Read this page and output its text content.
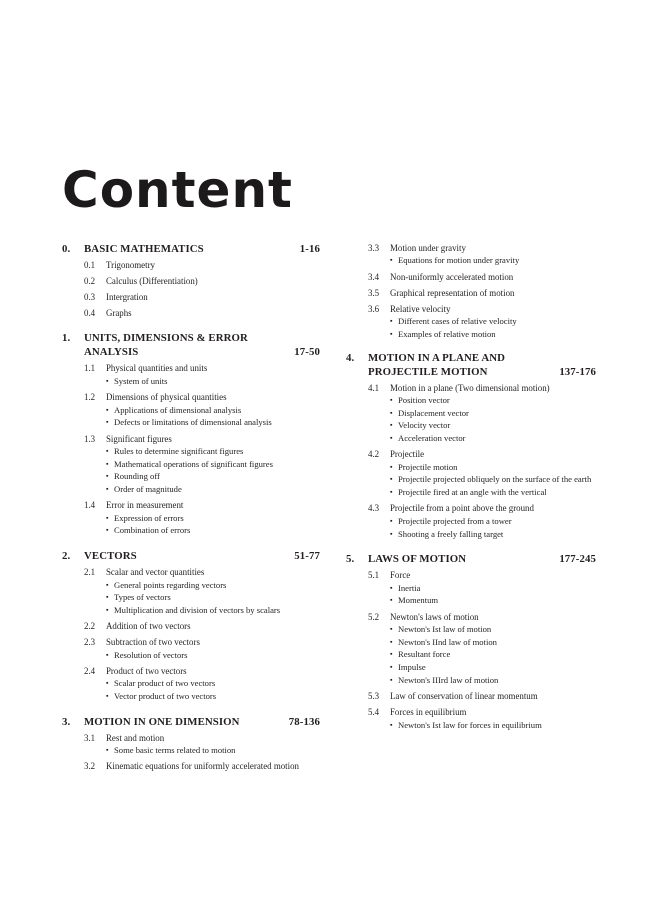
Content
0. BASIC MATHEMATICS	1-16
0.1	Trigonometry
0.2	Calculus (Differentiation)
0.3	Intergration
0.4	Graphs
1. UNITS, DIMENSIONS & ERROR
ANALYSIS	17-50
1.1	Physical quantities and units
▪ System of units
1.2	Dimensions of physical quantities
▪ Applications of dimensional analysis
▪ Defects or limitations of dimensional analysis
1.3	Significant figures
▪ Rules to determine significant figures
▪ Mathematical operations of significant figures
▪ Rounding off
▪ Order of magnitude
1.4	Error in measurement
▪ Expression of errors
▪ Combination of errors
2. VECTORS	51-77
2.1	Scalar and vector quantities
▪ General points regarding vectors
▪ Types of vectors
▪ Multiplication and division of vectors by scalars
2.2	Addition of two vectors
2.3	Subtraction of two vectors
▪ Resolution of vectors
2.4	Product of two vectors
▪ Scalar product of two vectors
▪ Vector product of two vectors
3. MOTION IN ONE DIMENSION	78-136
3.1	Rest and motion
▪ Some basic terms related to motion
3.2	Kinematic equations for uniformly accelerated motion
3.3	Motion under gravity
▪ Equations for motion under gravity
3.4	Non-uniformly accelerated motion
3.5	Graphical representation of motion
3.6	Relative velocity
▪ Different cases of relative velocity
▪ Examples of relative motion
4. MOTION IN A PLANE AND
PROJECTILE MOTION	137-176
4.1	Motion in a plane (Two dimensional motion)
▪ Position vector
▪ Displacement vector
▪ Velocity vector
▪ Acceleration vector
4.2	Projectile
▪ Projectile motion
▪ Projectile projected obliquely on the surface of the earth
▪ Projectile fired at an angle with the vertical
4.3	Projectile from a point above the ground
▪ Projectile projected from a tower
▪ Shooting a freely falling target
5. LAWS OF MOTION	177-245
5.1	Force
▪ Inertia
▪ Momentum
5.2	Newton's laws of motion
▪ Newton's Ist law of motion
▪ Newton's IInd law of motion
▪ Resultant force
▪ Impulse
▪ Newton's IIIrd law of motion
5.3	Law of conservation of linear momentum
5.4	Forces in equilibrium
▪ Newton's Ist law for forces in equilibrium
